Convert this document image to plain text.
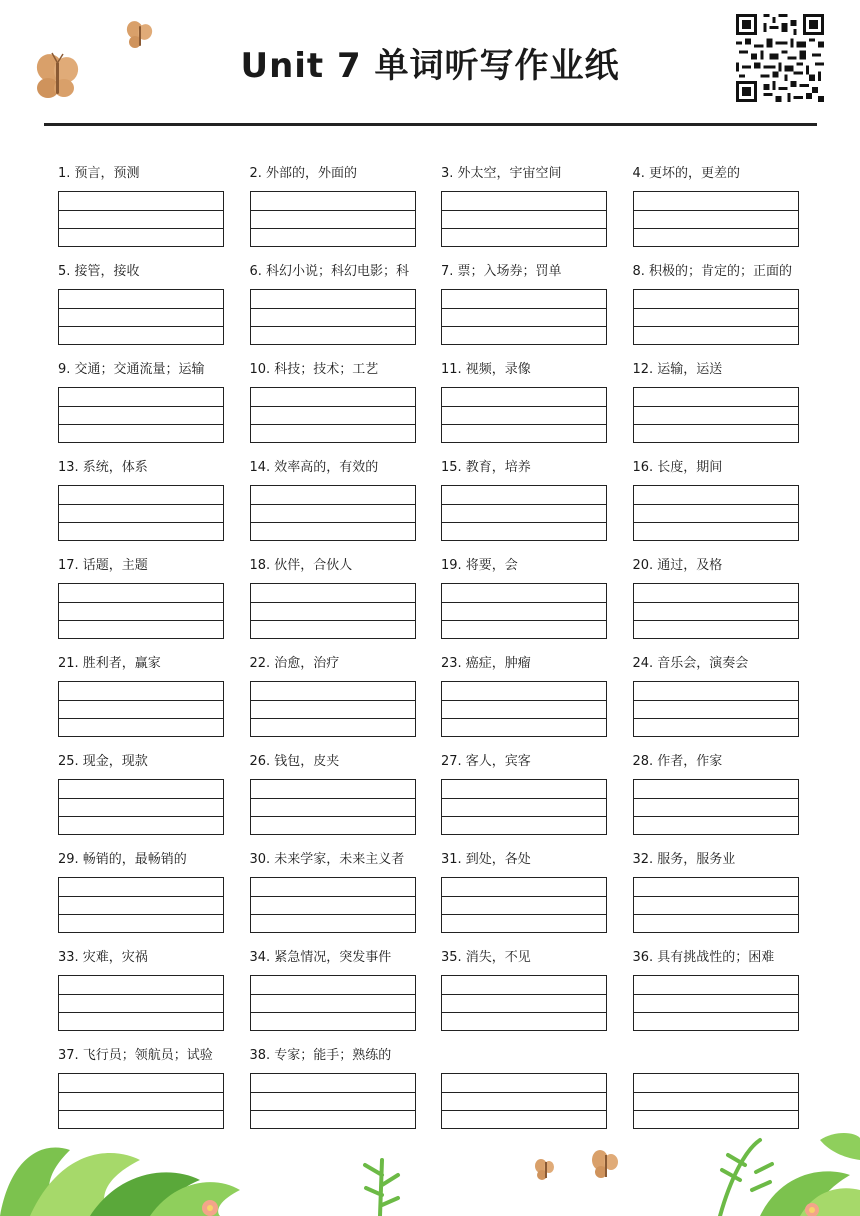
Unit 7 单词听写作业纸
1. 预言，预测	2. 外部的，外面的	3. 外太空，宇宙空间	4. 更坏的，更差的
5. 接管，接收	6. 科幻小说；科幻电影；科	7. 票；入场券；罚单	8. 积极的；肯定的；正面的
9. 交通；交通流量；运输	10. 科技；技术；工艺	11. 视频，录像	12. 运输，运送
13. 系统，体系	14. 效率高的，有效的	15. 教育，培养	16. 长度，期间
17. 话题，主题	18. 伙伴，合伙人	19. 将要，会	20. 通过，及格
21. 胜利者，赢家	22. 治愈，治疗	23. 癌症，肿瘤	24. 音乐会，演奏会
25. 现金，现款	26. 钱包，皮夹	27. 客人，宾客	28. 作者，作家
29. 畅销的，最畅销的	30. 未来学家，未来主义者	31. 到处，各处	32. 服务，服务业
33. 灾难，灾祸	34. 紧急情况，突发事件	35. 消失，不见	36. 具有挑战性的；困难
37. 飞行员；领航员；试验	38. 专家；能手；熟练的
